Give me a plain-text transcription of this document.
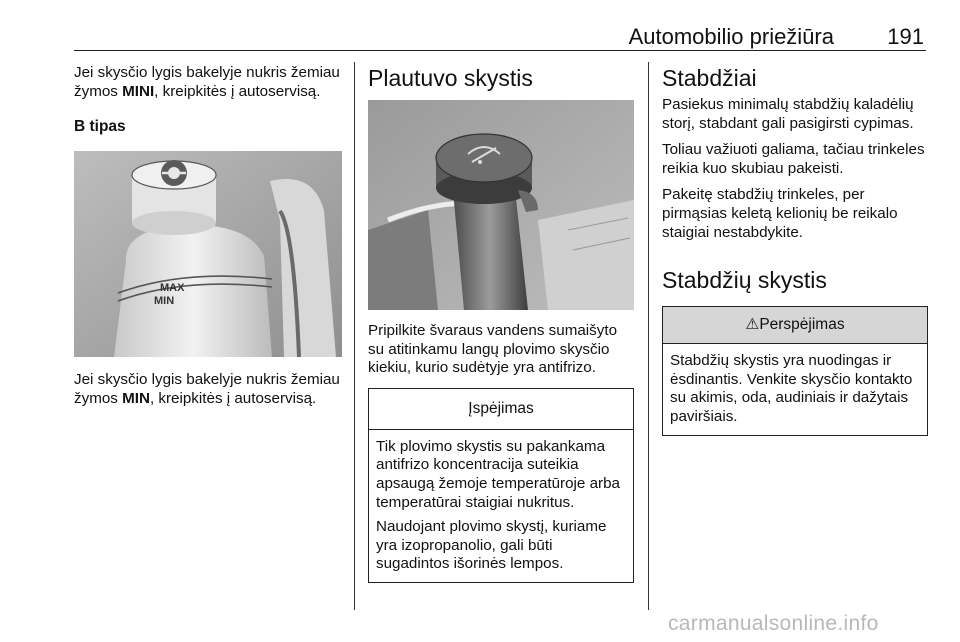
Automobilio priežiūra 191

Jei skysčio lygis bakelyje nukris žemiau žymos MINI, kreipkitės į autoservisą.

B tipas
MAX
MIN

Jei skysčio lygis bakelyje nukris žemiau žymos MIN, kreipkitės į autoservisą.

Plautuvo skystis

Pripilkite švaraus vandens sumaišyto su atitinkamu langų plovimo skysčio kiekiu, kurio sudėtyje yra antifrizo.

Įspėjimas

Tik plovimo skystis su pakankama antifrizo koncentracija suteikia apsaugą žemoje temperatūroje arba temperatūrai staigiai nukritus.

Naudojant plovimo skystį, kuriame yra izopropanolio, gali būti sugadintos išorinės lempos.

Stabdžiai

Pasiekus minimalų stabdžių kaladėlių storį, stabdant gali pasigirsti cypimas.

Toliau važiuoti galiama, tačiau trinkeles reikia kuo skubiau pakeisti.

Pakeitę stabdžių trinkeles, per pirmąsias keletą kelionių be reikalo staigiai nestabdykite.

Stabdžių skystis
⚠Perspėjimas

Stabdžių skystis yra nuodingas ir ėsdinantis. Venkite skysčio kontakto su akimis, oda, audiniais ir dažytais paviršiais.

carmanualsonline.info
